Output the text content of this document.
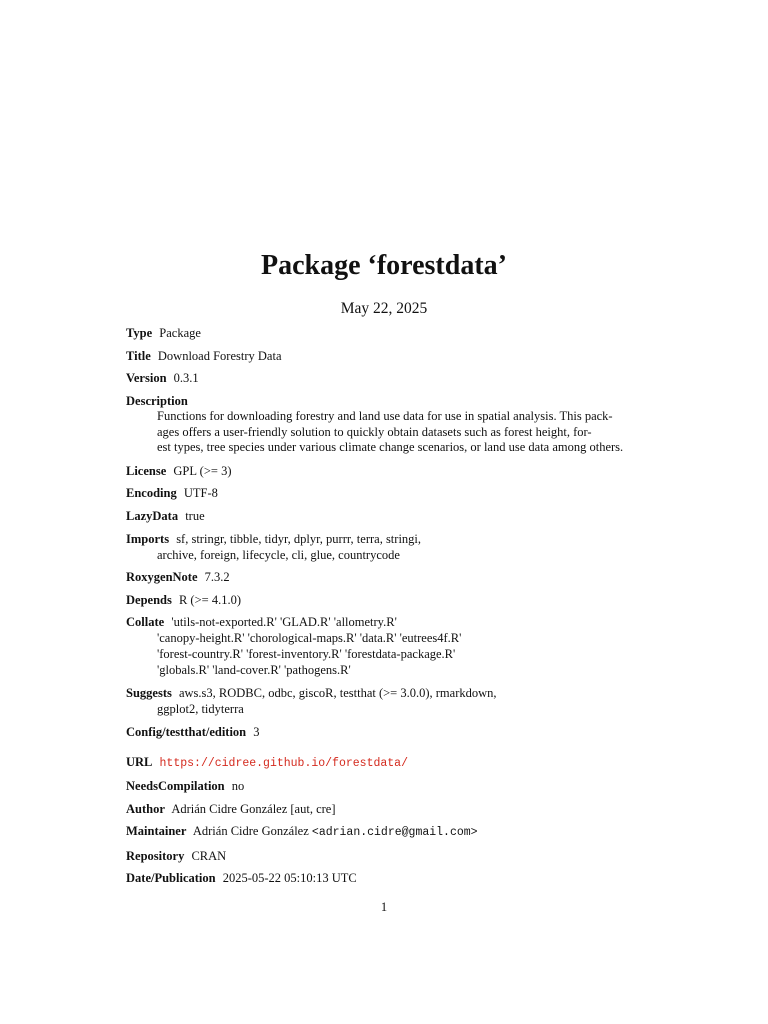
Package ‘forestdata’
May 22, 2025
Type Package
Title Download Forestry Data
Version 0.3.1
Description
Functions for downloading forestry and land use data for use in spatial analysis. This pack-
ages offers a user-friendly solution to quickly obtain datasets such as forest height, for-
est types, tree species under various climate change scenarios, or land use data among others.
License GPL (>= 3)
Encoding UTF-8
LazyData true
Imports sf, stringr, tibble, tidyr, dplyr, purrr, terra, stringi,
archive, foreign, lifecycle, cli, glue, countrycode
RoxygenNote 7.3.2
Depends R (>= 4.1.0)
Collate 'utils-not-exported.R' 'GLAD.R' 'allometry.R'
'canopy-height.R' 'chorological-maps.R' 'data.R' 'eutrees4f.R'
'forest-country.R' 'forest-inventory.R' 'forestdata-package.R'
'globals.R' 'land-cover.R' 'pathogens.R'
Suggests aws.s3, RODBC, odbc, giscoR, testthat (>= 3.0.0), rmarkdown,
ggplot2, tidyterra
Config/testthat/edition 3
URL https://cidree.github.io/forestdata/
NeedsCompilation no
Author Adrián Cidre González [aut, cre]
Maintainer Adrián Cidre González <adrian.cidre@gmail.com>
Repository CRAN
Date/Publication 2025-05-22 05:10:13 UTC
1
